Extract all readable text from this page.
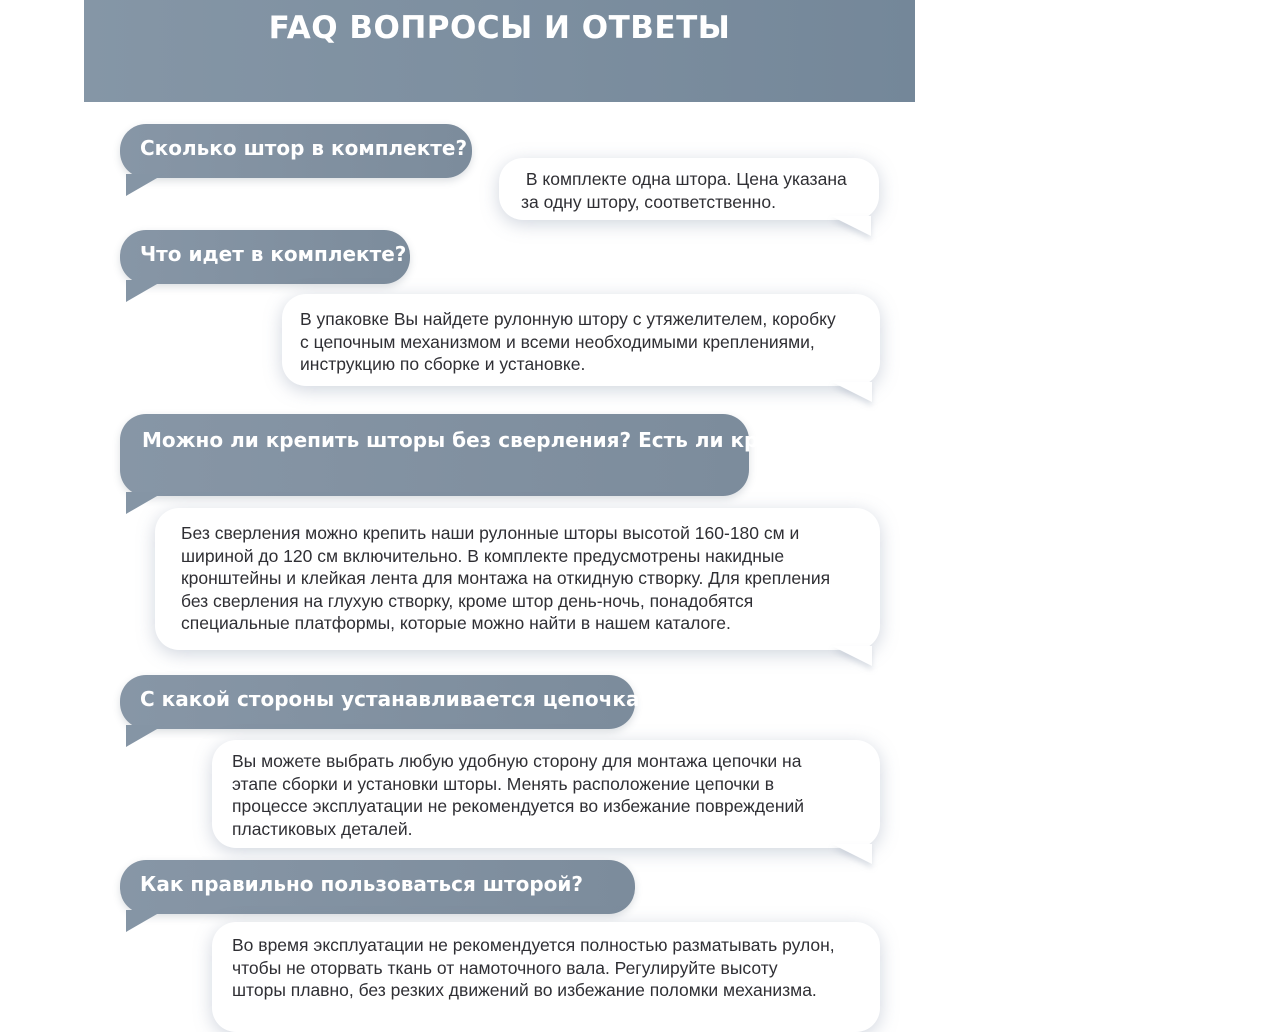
FAQ ВОПРОСЫ И ОТВЕТЫ
Сколько штор в комплекте?
В комплекте одна штора. Цена указана
за одну штору, соответственно.
Что идет в комплекте?
В упаковке Вы найдете рулонную штору с утяжелителем, коробку
с цепочным механизмом и всеми необходимыми креплениями,
инструкцию по сборке и установке.
Можно ли крепить шторы без сверления? Есть ли крепления для такой установки в комплекте?
Без сверления можно крепить наши рулонные шторы высотой 160-180 см и
шириной до 120 см включительно. В комплекте предусмотрены накидные
кронштейны и клейкая лента для монтажа на откидную створку. Для крепления
без сверления на глухую створку, кроме штор день-ночь, понадобятся
специальные платформы, которые можно найти в нашем каталоге.
С какой стороны устанавливается цепочка?
Вы можете выбрать любую удобную сторону для монтажа цепочки на
этапе сборки и установки шторы. Менять расположение цепочки в
процессе эксплуатации не рекомендуется во избежание повреждений
пластиковых деталей.
Как правильно пользоваться шторой?
Во время эксплуатации не рекомендуется полностью разматывать рулон,
чтобы не оторвать ткань от намоточного вала. Регулируйте высоту
шторы плавно, без резких движений во избежание поломки механизма.
